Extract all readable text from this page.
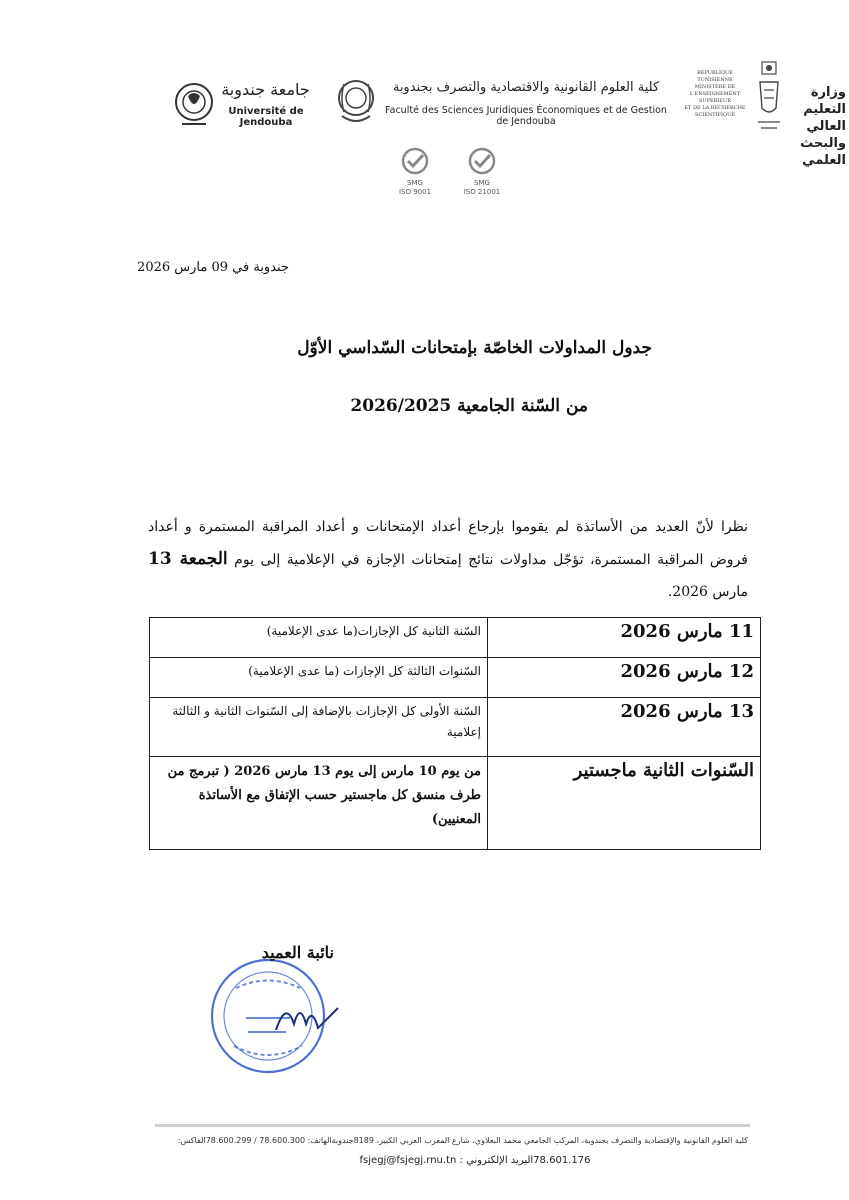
جامعة جندوبة
Université de Jendouba
كلية العلوم القانونية والاقتصادية والتصرف بجندوبة
Faculté des Sciences Juridiques Économiques et de Gestion de Jendouba
RÉPUBLIQUE
TUNISIENNE
MINISTÈRE DE
L'ENSEIGNEMENT SUPÉRIEUR
ET DE LA RECHERCHE
SCIENTIFIQUE
وزارة التعليم العالي والبحث العلمي
SMG
ISO 9001
SMG
ISO 21001
جندوبة في 09 مارس 2026
جدول المداولات الخاصّة بإمتحانات السّداسي الأوّل
من السّنة الجامعية 2026/2025
نظرا لأنّ العديد من الأساتذة لم يقوموا بإرجاع أعداد الإمتحانات و أعداد المراقبة المستمرة و أعداد فروض المراقبة المستمرة، تؤجّل مداولات نتائج إمتحانات الإجازة في الإعلامية إلى يوم الجمعة 13 مارس 2026.
11 مارس 2026	السّنة الثانية كل الإجازات(ما عدى الإعلامية)
12 مارس 2026	السّنوات الثالثة كل الإجازات (ما عدى الإعلامية)
13 مارس 2026	السّنة الأولى كل الإجازات بالإضافة إلى السّنوات الثانية و الثالثة إعلامية
السّنوات الثانية ماجستير	من يوم 10 مارس إلى يوم 13 مارس 2026 ( تبرمج من طرف منسق كل ماجستير حسب الإتفاق مع الأساتذة المعنيين)
نائبة العميد
كلية العلوم القانونية والإقتصادية والتصرف بجندوبة، المركب الجامعي محمد البعلاوي، شارع المغرب العربي الكبير، 8189جندوبةالهاتف: 78.600.300 / 78.600.299الفاكس:
78.601.176البريد الإلكتروني : fsjegj@fsjegj.rnu.tn
